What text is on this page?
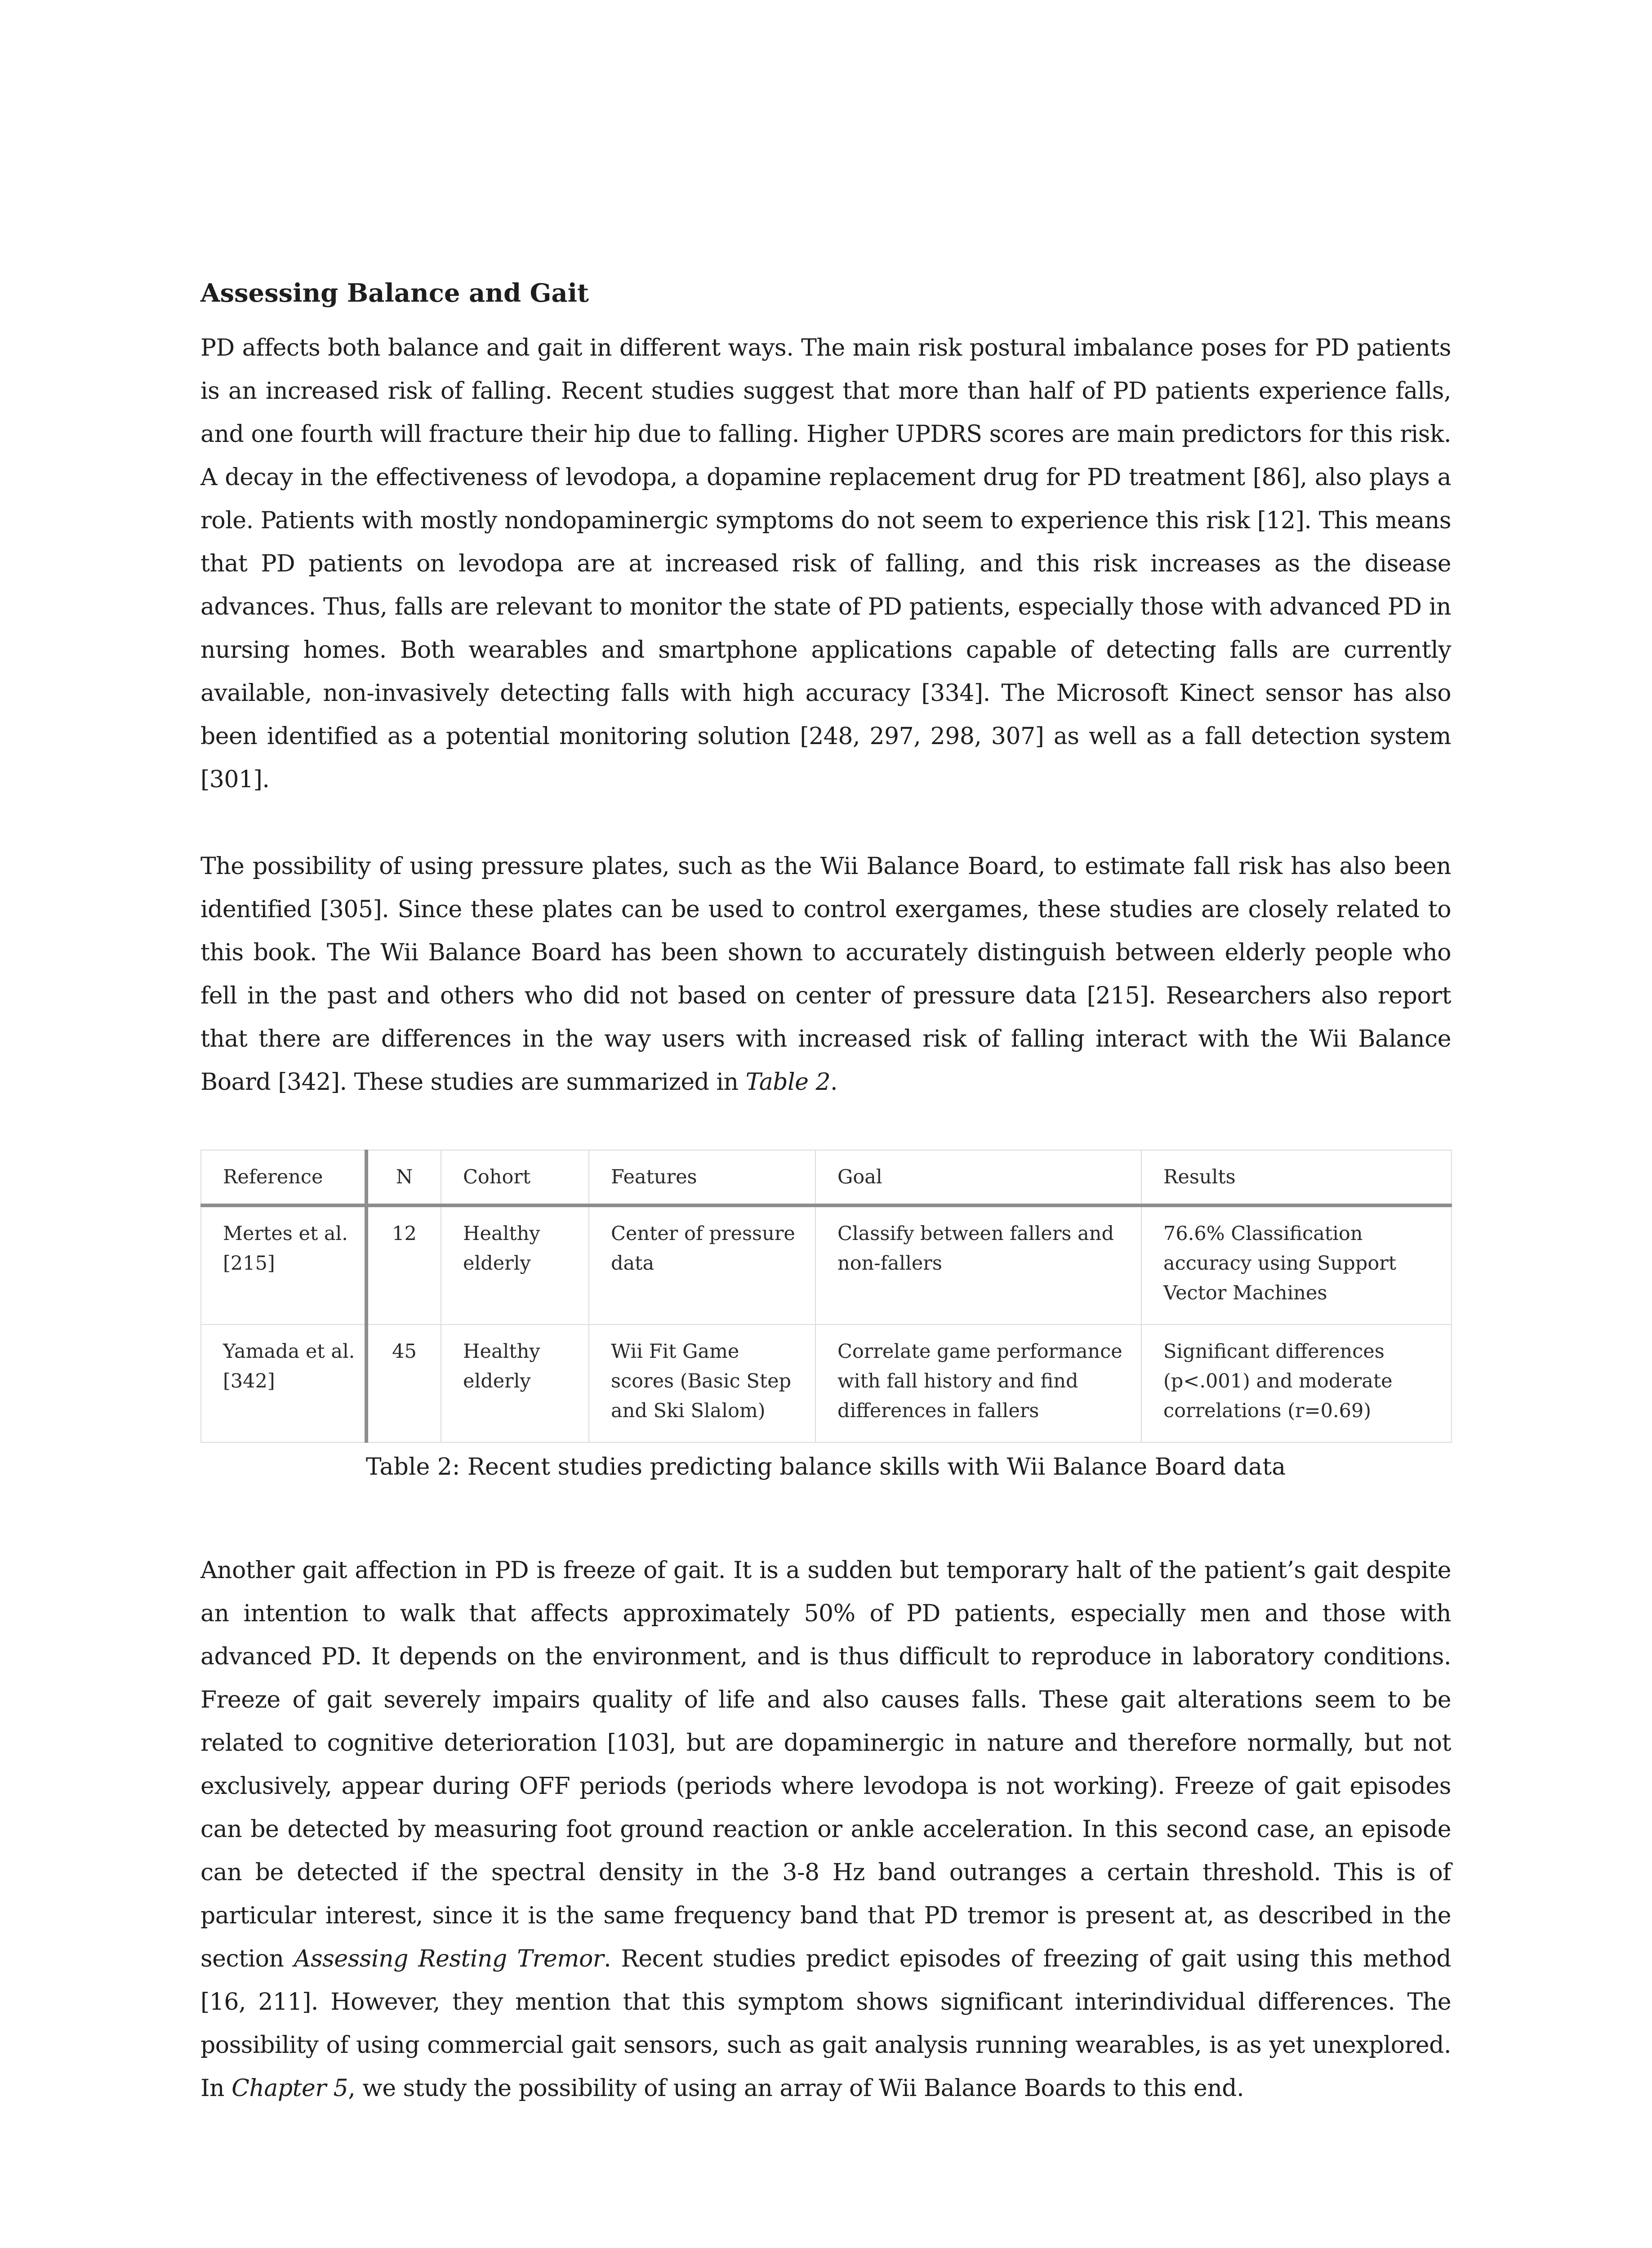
Assessing Balance and Gait

PD affects both balance and gait in different ways. The main risk postural imbalance poses for PD patients is an increased risk of falling. Recent studies suggest that more than half of PD patients experience falls, and one fourth will fracture their hip due to falling. Higher UPDRS scores are main predictors for this risk. A decay in the effectiveness of levodopa, a dopamine replacement drug for PD treatment [86], also plays a role. Patients with mostly nondopaminergic symptoms do not seem to experience this risk [12]. This means that PD patients on levodopa are at increased risk of falling, and this risk increases as the disease advances. Thus, falls are relevant to monitor the state of PD patients, especially those with advanced PD in nursing homes. Both wearables and smartphone applications capable of detecting falls are currently available, non-invasively detecting falls with high accuracy [334]. The Microsoft Kinect sensor has also been identified as a potential monitoring solution [248, 297, 298, 307] as well as a fall detection system [301].

The possibility of using pressure plates, such as the Wii Balance Board, to estimate fall risk has also been identified [305]. Since these plates can be used to control exergames, these studies are closely related to this book. The Wii Balance Board has been shown to accurately distinguish between elderly people who fell in the past and others who did not based on center of pressure data [215]. Researchers also report that there are differences in the way users with increased risk of falling interact with the Wii Balance Board [342]. These studies are summarized in Table 2.

Reference	N	Cohort	Features	Goal	Results
Mertes et al. [215]	12	Healthy elderly	Center of pressure data	Classify between fallers and non-fallers	76.6% Classification accuracy using Support Vector Machines
Yamada et al. [342]	45	Healthy elderly	Wii Fit Game scores (Basic Step and Ski Slalom)	Correlate game performance with fall history and find differences in fallers	Significant differences (p<.001) and moderate correlations (r=0.69)
Table 2: Recent studies predicting balance skills with Wii Balance Board data

Another gait affection in PD is freeze of gait. It is a sudden but temporary halt of the patient’s gait despite an intention to walk that affects approximately 50% of PD patients, especially men and those with advanced PD. It depends on the environment, and is thus difficult to reproduce in laboratory conditions. Freeze of gait severely impairs quality of life and also causes falls. These gait alterations seem to be related to cognitive deterioration [103], but are dopaminergic in nature and therefore normally, but not exclusively, appear during OFF periods (periods where levodopa is not working). Freeze of gait episodes can be detected by measuring foot ground reaction or ankle acceleration. In this second case, an episode can be detected if the spectral density in the 3-8 Hz band outranges a certain threshold. This is of particular interest, since it is the same frequency band that PD tremor is present at, as described in the section Assessing Resting Tremor. Recent studies predict episodes of freezing of gait using this method [16, 211]. However, they mention that this symptom shows significant interindividual differences. The possibility of using commercial gait sensors, such as gait analysis running wearables, is as yet unexplored. In Chapter 5, we study the possibility of using an array of Wii Balance Boards to this end.
